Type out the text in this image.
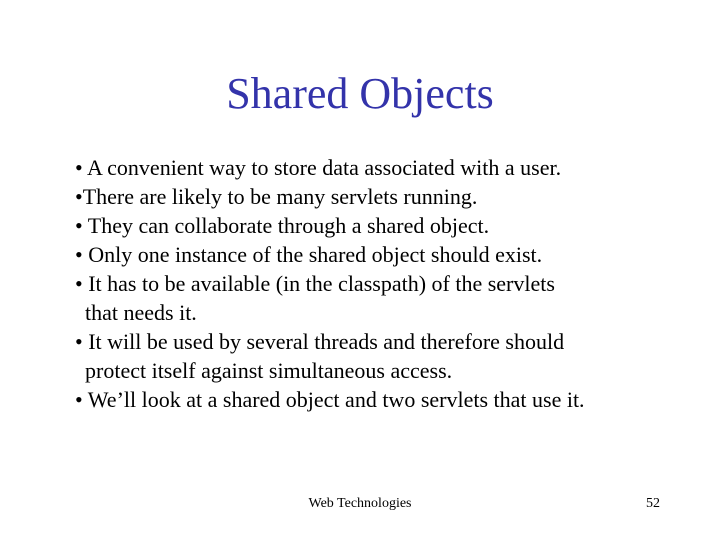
Shared Objects
• A convenient way to store data associated with a user.
•There are likely to be many servlets running.
• They can collaborate through a shared object.
• Only one instance of the shared object should exist.
• It has to be available (in the classpath) of the servlets
that needs it.
• It will be used by several threads and therefore should
protect itself against simultaneous access.
• We’ll look at a shared object and two servlets that use it.
Web Technologies	52
